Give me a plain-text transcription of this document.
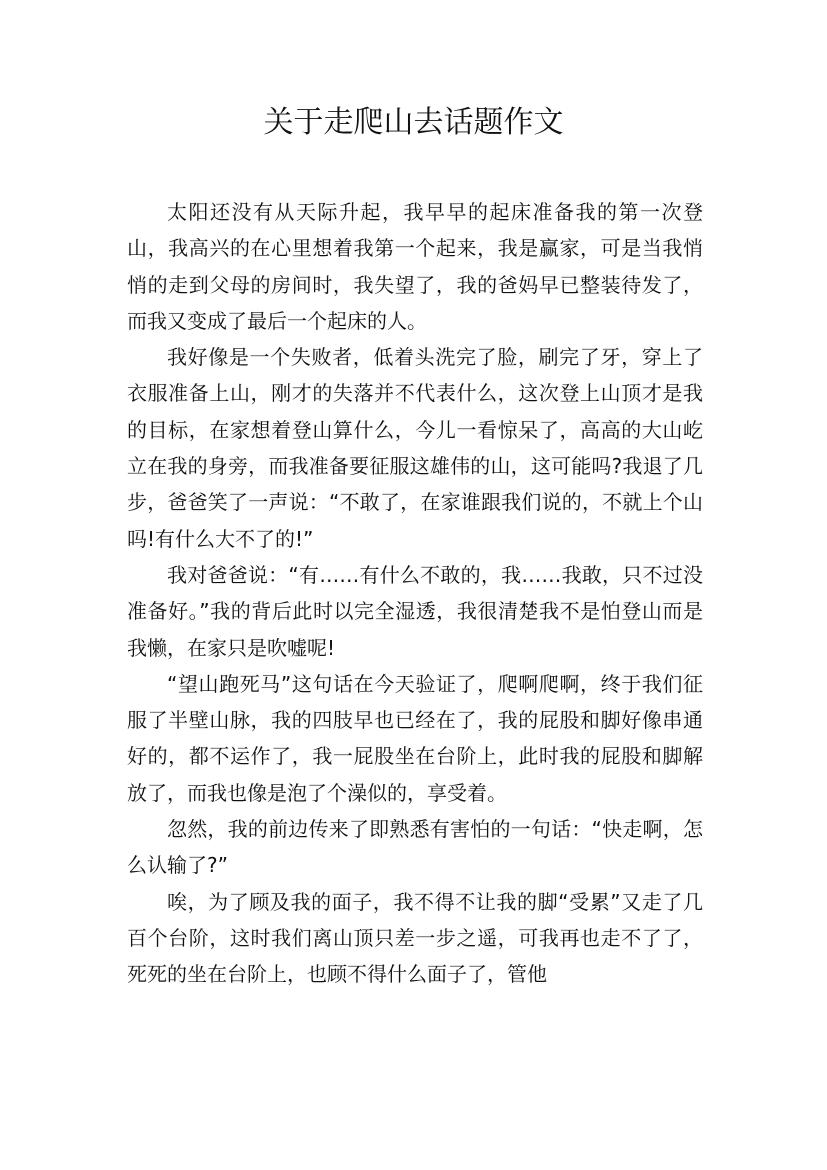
关于走爬山去话题作文

太阳还没有从天际升起，我早早的起床准备我的第一次登山，我高兴的在心里想着我第一个起来，我是赢家，可是当我悄悄的走到父母的房间时，我失望了，我的爸妈早已整装待发了，而我又变成了最后一个起床的人。

我好像是一个失败者，低着头洗完了脸，刷完了牙，穿上了衣服准备上山，刚才的失落并不代表什么，这次登上山顶才是我的目标，在家想着登山算什么，今儿一看惊呆了，高高的大山屹立在我的身旁，而我准备要征服这雄伟的山，这可能吗?我退了几步，爸爸笑了一声说：“不敢了，在家谁跟我们说的，不就上个山吗!有什么大不了的!”

我对爸爸说：“有……有什么不敢的，我……我敢，只不过没准备好。”我的背后此时以完全湿透，我很清楚我不是怕登山而是我懒，在家只是吹嘘呢!

“望山跑死马”这句话在今天验证了，爬啊爬啊，终于我们征服了半壁山脉，我的四肢早也已经在了，我的屁股和脚好像串通好的，都不运作了，我一屁股坐在台阶上，此时我的屁股和脚解放了，而我也像是泡了个澡似的，享受着。

忽然，我的前边传来了即熟悉有害怕的一句话：“快走啊，怎么认输了?”

唉，为了顾及我的面子，我不得不让我的脚“受累”又走了几百个台阶，这时我们离山顶只差一步之遥，可我再也走不了了，死死的坐在台阶上，也顾不得什么面子了，管他
